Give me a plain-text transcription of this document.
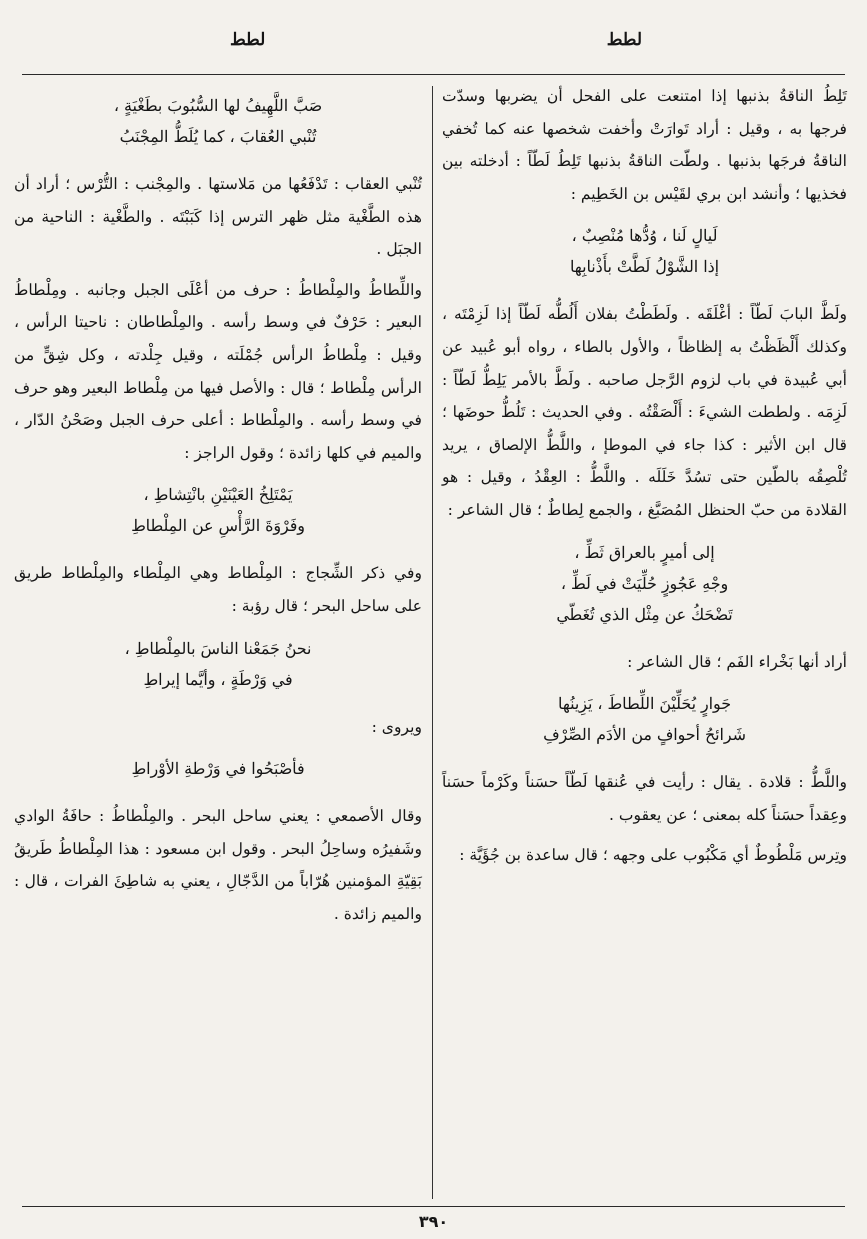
لطط
لطط

تَلِطُ الناقةُ بذنبها إذا امتنعت على الفحل أن يضربها وسدّت فرجها به ، وقيل : أراد تَوارَتْ وأخفت شخصها عنه كما تُخفي الناقةُ فرجَها بذنبها . ولطّت الناقةُ بذنبها تَلِطُ لَطّاً : أدخلته بين فخذيها ؛ وأنشد ابن بري لقَيْس بن الخَطِيم :

لَيالٍ لَنا ، وُدُّها مُنْصِبٌ ،
إذا الشَّوْلُ لَطَّتْ بأَذْنابِها

ولَطَّ البابَ لَطّاً : أغْلَقَه . ولَطَطْتُ بفلان أَلُطُّه لَطّاً إذا لَزِمْتَه ، وكذلك أَلْظَظْتُ به إلظاظاً ، والأول بالطاء ، رواه أبو عُبيد عن أبي عُبيدة في باب لزوم الرَّجل صاحبه . ولَطَّ بالأمر يَلِطُّ لَطّاً : لَزِمَه . ولططت الشيءَ : أَلْصَقْتُه . وفي الحديث : تَلُطُّ حوضَها ؛ قال ابن الأثير : كذا جاء في الموطإ ، واللَّطُّ الإلصاق ، يريد تُلْصِقُه بالطّين حتى تسُدَّ خَلَلَه . واللَّطُّ : العِقْدُ ، وقيل : هو القلادة من حبّ الحنظل المُصَبَّغ ، والجمع لِطاطٌ ؛ قال الشاعر :

إلى أميرٍ بالعراق ثَطِّ ،
وجْهِ عَجُوزٍ حُلِّيَتْ في لَطِّ ،
تَضْحَكُ عن مِثْل الذي تُغَطّي

أراد أنها بَخْراء الفَم ؛ قال الشاعر :

جَوارٍ يُحَلِّيْنَ اللِّطاطَ ، يَزِينُها
شَرائحُ أحوافٍ من الأدَم الصِّرْفِ

واللَّطُّ : قلادة . يقال : رأيت في عُنقها لَطّاً حسَناً وكَرْماً حسَناً وعِقداً حسَناً كله بمعنى ؛ عن يعقوب .

وتِرس مَلْطُوطٌ أي مَكْبُوب على وجهه ؛ قال ساعدة بن جُؤَيَّة :

صَبَّ اللَّهِيفُ لها السُّبُوبَ بطَغْيَةٍ ،
تُنْبي العُقابَ ، كما يُلَطُّ المِجْنَبُ

تُنْبي العقاب : تَدْفَعُها من مَلاستها . والمِجْنب : التُّرْس ؛ أراد أن هذه الطَّغْية مثل ظهر الترس إذا كَبَبْتَه . والطَّغْية : الناحية من الجبَل .

واللِّطاطُ والمِلْطاطُ : حرف من أعْلَى الجبل وجانبه . ومِلْطاطُ البعير : حَرْفٌ في وسط رأسه . والمِلْطاطان : ناحيتا الرأس ، وقيل : مِلْطاطُ الرأس جُمْلَته ، وقيل جِلْدته ، وكل شِقٍّ من الرأس مِلْطاط ؛ قال : والأصل فيها من مِلْطاط البعير وهو حرف في وسط رأسه . والمِلْطاط : أعلى حرف الجبل وصَحْنُ الدّار ، والميم في كلها زائدة ؛ وقول الراجز :

يَمْتَلِخُ العَيْنَيْنِ بانْتِشاطِ ،
وفَرْوَةَ الرَّأْسِ عن المِلْطاطِ

وفي ذكر الشِّجاج : المِلْطاط وهي المِلْطاء والمِلْطاط طريق على ساحل البحر ؛ قال رؤبة :

نحنُ جَمَعْنا الناسَ بالمِلْطاطِ ،
في وَرْطَةٍ ، وأيَّما إيراطِ

ويروى :

فأصْبَحُوا في وَرْطةِ الأوْراطِ

وقال الأصمعي : يعني ساحل البحر . والمِلْطاطُ : حافَةُ الوادي وشَفيرُه وساحِلُ البحر . وقول ابن مسعود : هذا المِلْطاطُ طَريقُ بَقِيّةِ المؤمنين هُرّاباً من الدَّجّالِ ، يعني به شاطِئَ الفرات ، قال : والميم زائدة .

٣٩٠
